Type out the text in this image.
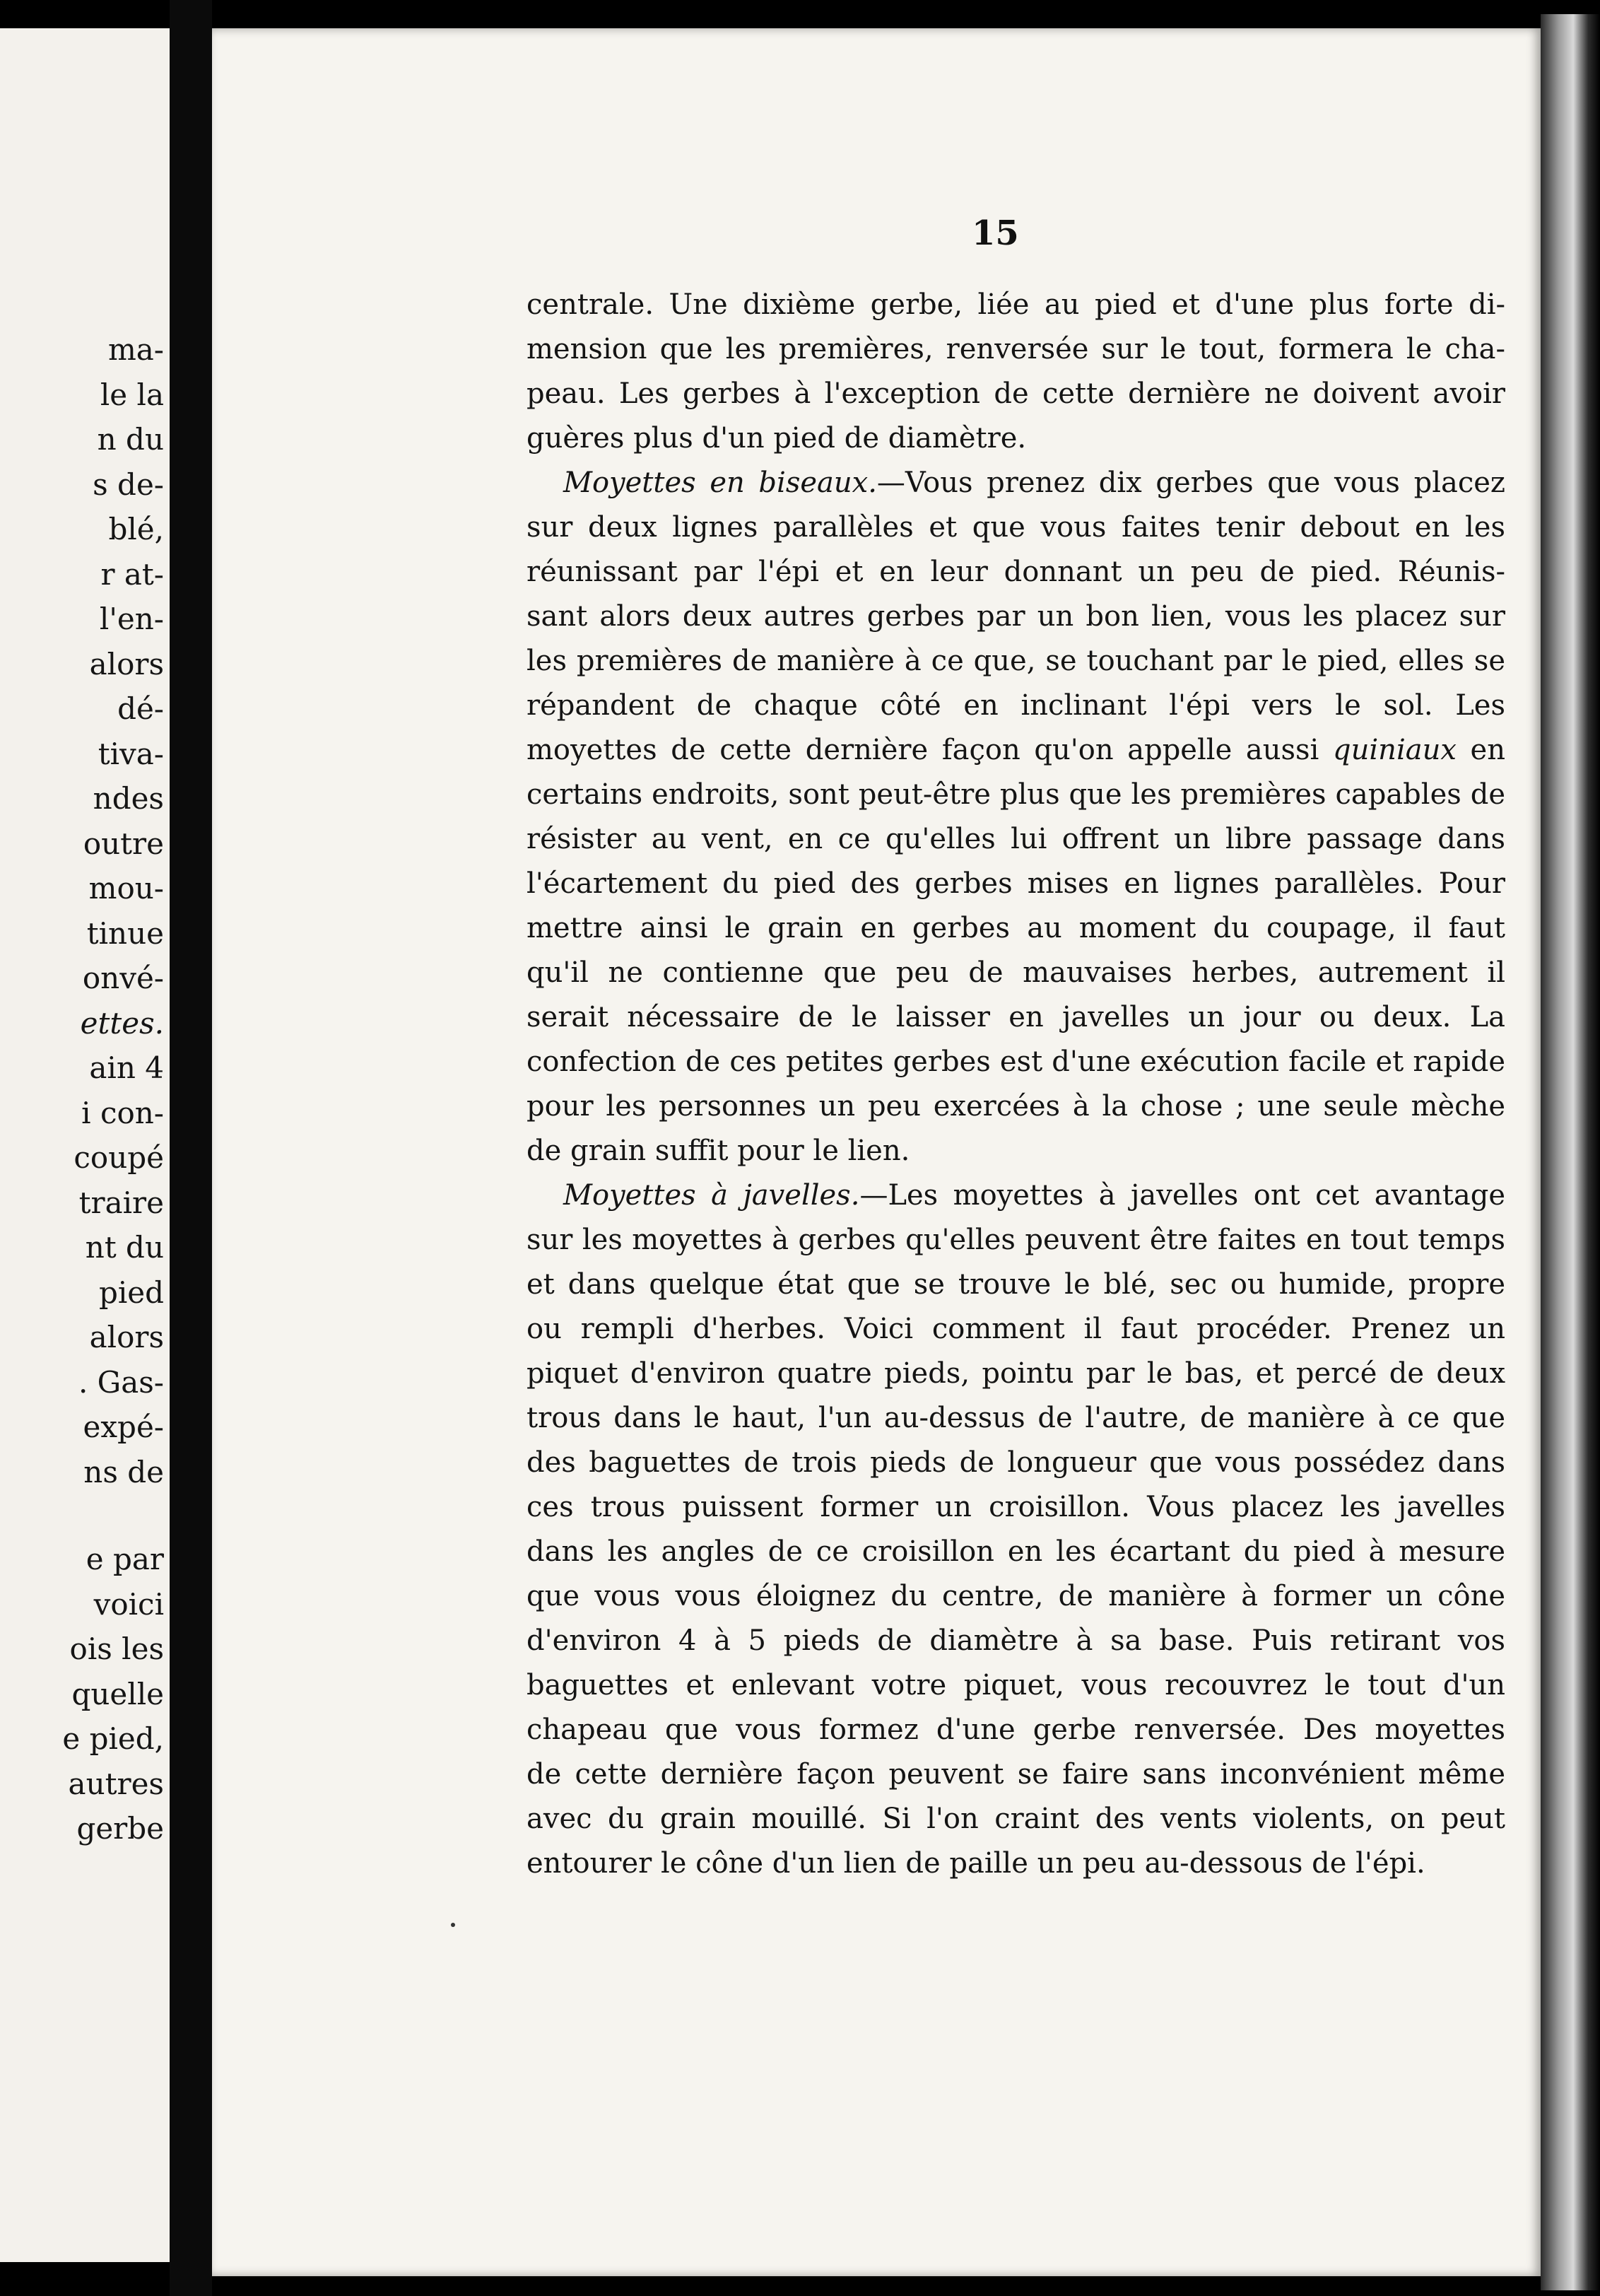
ma-
le la
n du
s de-
blé,
r at-
l'en-
alors
dé-
tiva-
ndes
outre
mou-
tinue
onvé-
ettes.
ain 4
i con-
coupé
traire
nt du
pied
alors
. Gas-
expé-
ns de
e par
voici
ois les
quelle
e pied,
autres
gerbe
15
centrale. Une dixième gerbe, liée au pied et d'une plus forte di-
mension que les premières, renversée sur le tout, formera le cha-
peau. Les gerbes à l'exception de cette dernière ne doivent avoir
guères plus d'un pied de diamètre.
Moyettes en biseaux.—Vous prenez dix gerbes que vous placez
sur deux lignes parallèles et que vous faites tenir debout en les
réunissant par l'épi et en leur donnant un peu de pied. Réunis-
sant alors deux autres gerbes par un bon lien, vous les placez sur
les premières de manière à ce que, se touchant par le pied, elles se
répandent de chaque côté en inclinant l'épi vers le sol. Les
moyettes de cette dernière façon qu'on appelle aussi quiniaux en
certains endroits, sont peut-être plus que les premières capables de
résister au vent, en ce qu'elles lui offrent un libre passage dans
l'écartement du pied des gerbes mises en lignes parallèles. Pour
mettre ainsi le grain en gerbes au moment du coupage, il faut
qu'il ne contienne que peu de mauvaises herbes, autrement il
serait nécessaire de le laisser en javelles un jour ou deux. La
confection de ces petites gerbes est d'une exécution facile et rapide
pour les personnes un peu exercées à la chose ; une seule mèche
de grain suffit pour le lien.
Moyettes à javelles.—Les moyettes à javelles ont cet avantage
sur les moyettes à gerbes qu'elles peuvent être faites en tout temps
et dans quelque état que se trouve le blé, sec ou humide, propre
ou rempli d'herbes. Voici comment il faut procéder. Prenez un
piquet d'environ quatre pieds, pointu par le bas, et percé de deux
trous dans le haut, l'un au-dessus de l'autre, de manière à ce que
des baguettes de trois pieds de longueur que vous possédez dans
ces trous puissent former un croisillon. Vous placez les javelles
dans les angles de ce croisillon en les écartant du pied à mesure
que vous vous éloignez du centre, de manière à former un cône
d'environ 4 à 5 pieds de diamètre à sa base. Puis retirant vos
baguettes et enlevant votre piquet, vous recouvrez le tout d'un
chapeau que vous formez d'une gerbe renversée. Des moyettes
de cette dernière façon peuvent se faire sans inconvénient même
avec du grain mouillé. Si l'on craint des vents violents, on peut
entourer le cône d'un lien de paille un peu au-dessous de l'épi.
